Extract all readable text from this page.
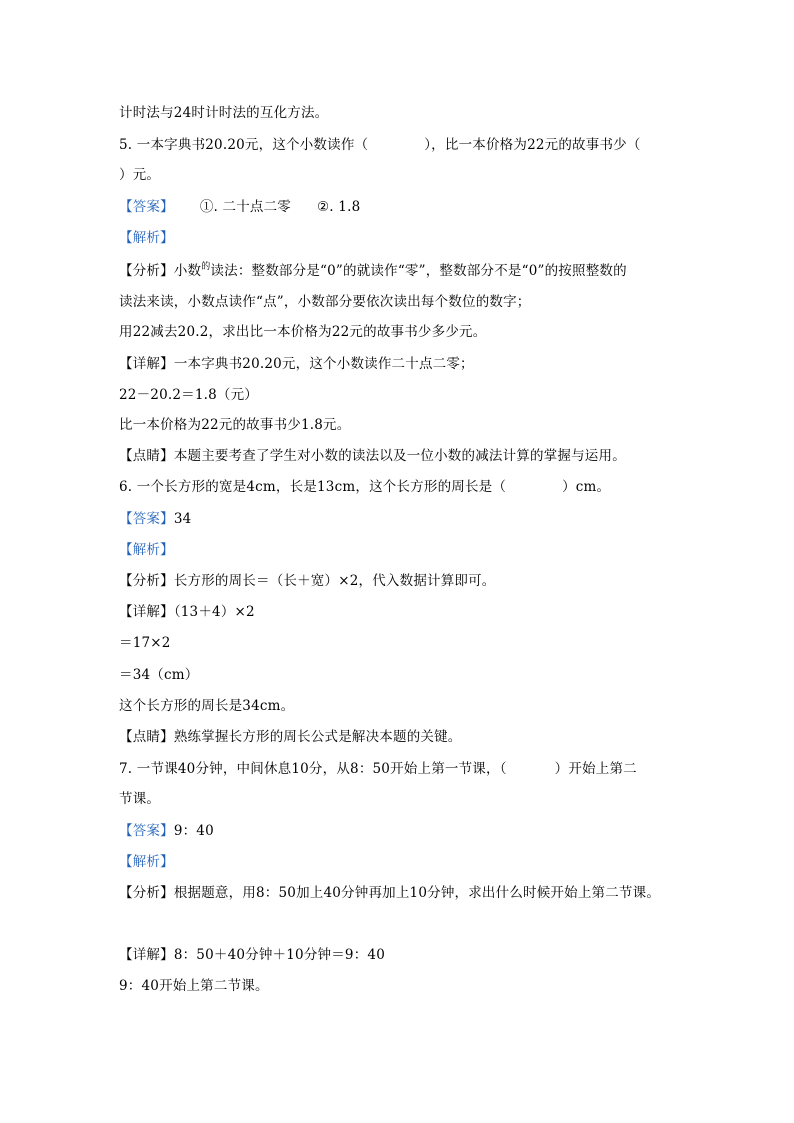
计时法与24时计时法的互化方法。
5. 一本字典书20.20元，这个小数读作（	），比一本价格为22元的故事书少（
）元。
【答案】 ①. 二十点二零 ②. 1.8
【解析】
【分析】小数$^的$读法：整数部分是“0”的就读作“零”，整数部分不是“0”的按照整数的
读法来读，小数点读作“点”，小数部分要依次读出每个数位的数字；
用22减去20.2，求出比一本价格为22元的故事书少多少元。
【详解】一本字典书20.20元，这个小数读作二十点二零；
22－20.2＝1.8（元）
比一本价格为22元的故事书少1.8元。
【点睛】本题主要考查了学生对小数的读法以及一位小数的减法计算的掌握与运用。
6. 一个长方形的宽是4cm，长是13cm，这个长方形的周长是（	）cm。
【答案】34
【解析】
【分析】长方形的周长＝（长＋宽）×2，代入数据计算即可。
【详解】（13＋4）×2
＝17×2
＝34（cm）
这个长方形的周长是34cm。
【点睛】熟练掌握长方形的周长公式是解决本题的关键。
7. 一节课40分钟，中间休息10分，从8：50开始上第一节课，（	）开始上第二
节课。
【答案】9：40
【解析】
【分析】根据题意，用8：50加上40分钟再加上10分钟，求出什么时候开始上第二节课。
【详解】8：50＋40分钟＋10分钟＝9：40
9：40开始上第二节课。
